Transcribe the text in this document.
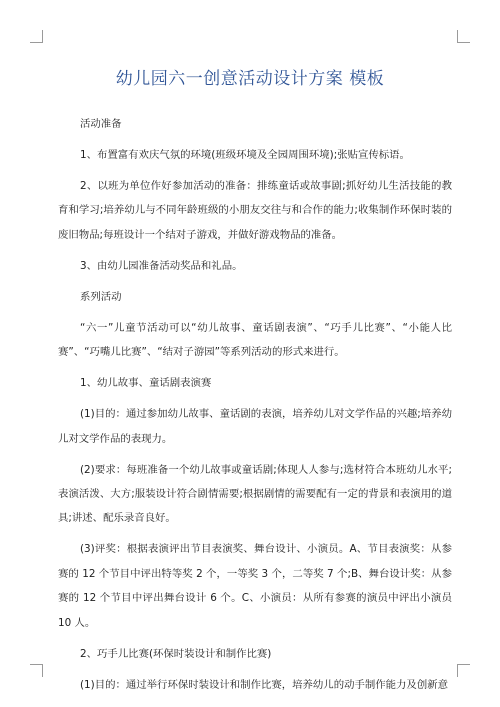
幼儿园六一创意活动设计方案 模板

活动准备

1、布置富有欢庆气氛的环境(班级环境及全园周围环境);张贴宣传标语。

2、以班为单位作好参加活动的准备：排练童话或故事剧;抓好幼儿生活技能的教育和学习;培养幼儿与不同年龄班级的小朋友交往与和合作的能力;收集制作环保时装的废旧物品;每班设计一个结对子游戏，并做好游戏物品的准备。

3、由幼儿园准备活动奖品和礼品。

系列活动

“六一”儿童节活动可以“幼儿故事、童话剧表演”、“巧手儿比赛”、“小能人比赛”、“巧嘴儿比赛”、“结对子游园”等系列活动的形式来进行。

1、幼儿故事、童话剧表演赛

(1)目的：通过参加幼儿故事、童话剧的表演，培养幼儿对文学作品的兴趣;培养幼儿对文学作品的表现力。

(2)要求：每班准备一个幼儿故事或童话剧;体现人人参与;选材符合本班幼儿水平;表演活泼、大方;服装设计符合剧情需要;根据剧情的需要配有一定的背景和表演用的道具;讲述、配乐录音良好。

(3)评奖：根据表演评出节目表演奖、舞台设计、小演员。A、节目表演奖：从参赛的 12 个节目中评出特等奖 2 个，一等奖 3 个，二等奖 7 个;B、舞台设计奖：从参赛的 12 个节目中评出舞台设计 6 个。C、小演员：从所有参赛的演员中评出小演员 10 人。

2、巧手儿比赛(环保时装设计和制作比赛)

(1)目的：通过举行环保时装设计和制作比赛，培养幼儿的动手制作能力及创新意
